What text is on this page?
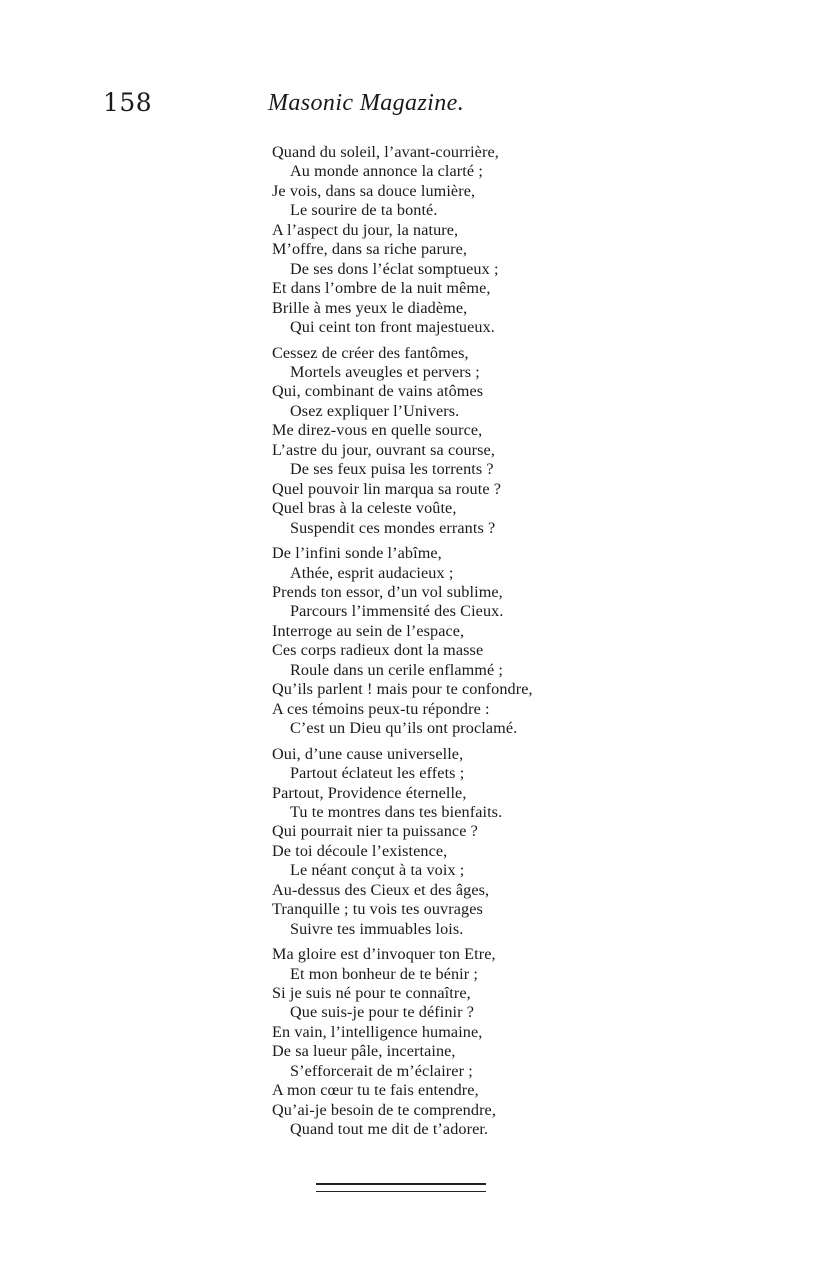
158	Masonic Magazine.
Quand du soleil, l’avant-courrière,
Au monde annonce la clarté ;
Je vois, dans sa douce lumière,
Le sourire de ta bonté.
A l’aspect du jour, la nature,
M’offre, dans sa riche parure,
De ses dons l’éclat somptueux ;
Et dans l’ombre de la nuit même,
Brille à mes yeux le diadème,
Qui ceint ton front majestueux.
Cessez de créer des fantômes,
Mortels aveugles et pervers ;
Qui, combinant de vains atômes
Osez expliquer l’Univers.
Me direz-vous en quelle source,
L’astre du jour, ouvrant sa course,
De ses feux puisa les torrents ?
Quel pouvoir lin marqua sa route ?
Quel bras à la celeste voûte,
Suspendit ces mondes errants ?
De l’infini sonde l’abîme,
Athée, esprit audacieux ;
Prends ton essor, d’un vol sublime,
Parcours l’immensité des Cieux.
Interroge au sein de l’espace,
Ces corps radieux dont la masse
Roule dans un cerile enflammé ;
Qu’ils parlent ! mais pour te confondre,
A ces témoins peux-tu répondre :
C’est un Dieu qu’ils ont proclamé.
Oui, d’une cause universelle,
Partout éclateut les effets ;
Partout, Providence éternelle,
Tu te montres dans tes bienfaits.
Qui pourrait nier ta puissance ?
De toi découle l’existence,
Le néant conçut à ta voix ;
Au-dessus des Cieux et des âges,
Tranquille ; tu vois tes ouvrages
Suivre tes immuables lois.
Ma gloire est d’invoquer ton Etre,
Et mon bonheur de te bénir ;
Si je suis né pour te connaître,
Que suis-je pour te définir ?
En vain, l’intelligence humaine,
De sa lueur pâle, incertaine,
S’efforcerait de m’éclairer ;
A mon cœur tu te fais entendre,
Qu’ai-je besoin de te comprendre,
Quand tout me dit de t’adorer.
